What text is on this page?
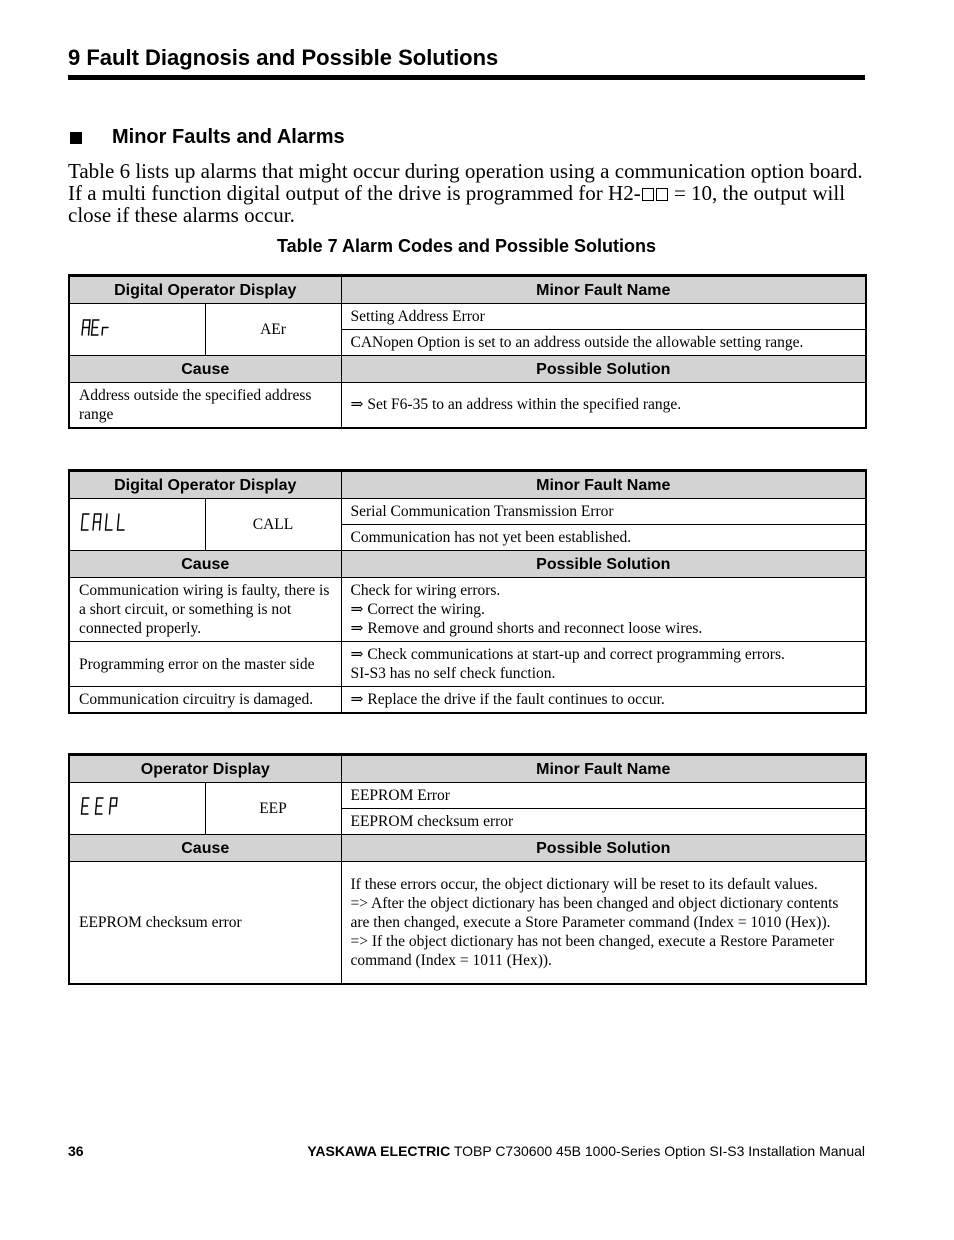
9 Fault Diagnosis and Possible Solutions
Minor Faults and Alarms

Table 6 lists up alarms that might occur during operation using a communication option board. If a multi function digital output of the drive is programmed for H2- = 10, the output will close if these alarms occur.

Table 7 Alarm Codes and Possible Solutions

Digital Operator Display		Minor Fault Name
	AEr	Setting Address Error
		CANopen Option is set to an address outside the allowable setting range.
Cause		Possible Solution
Address outside the specified address range		⇒ Set F6-35 to an address within the specified range.
Digital Operator Display		Minor Fault Name
	CALL	Serial Communication Transmission Error
		Communication has not yet been established.
Cause		Possible Solution
Communication wiring is faulty, there is a short circuit, or something is not connected properly.		Check for wiring errors.
⇒ Correct the wiring.
⇒ Remove and ground shorts and reconnect loose wires.

Programming error on the master side		⇒ Check communications at start-up and correct programming errors.
SI-S3 has no self check function.

Communication circuitry is damaged.		⇒ Replace the drive if the fault continues to occur.
Operator Display		Minor Fault Name
	EEP	EEPROM Error
		EEPROM checksum error
Cause		Possible Solution
EEPROM checksum error		If these errors occur, the object dictionary will be reset to its default values.
=> After the object dictionary has been changed and object dictionary contents are then changed, execute a Store Parameter command (Index = 1010 (Hex)).
=> If the object dictionary has not been changed, execute a Restore Parameter command (Index = 1011 (Hex)).
36	YASKAWA ELECTRIC TOBP C730600 45B 1000-Series Option SI-S3 Installation Manual
